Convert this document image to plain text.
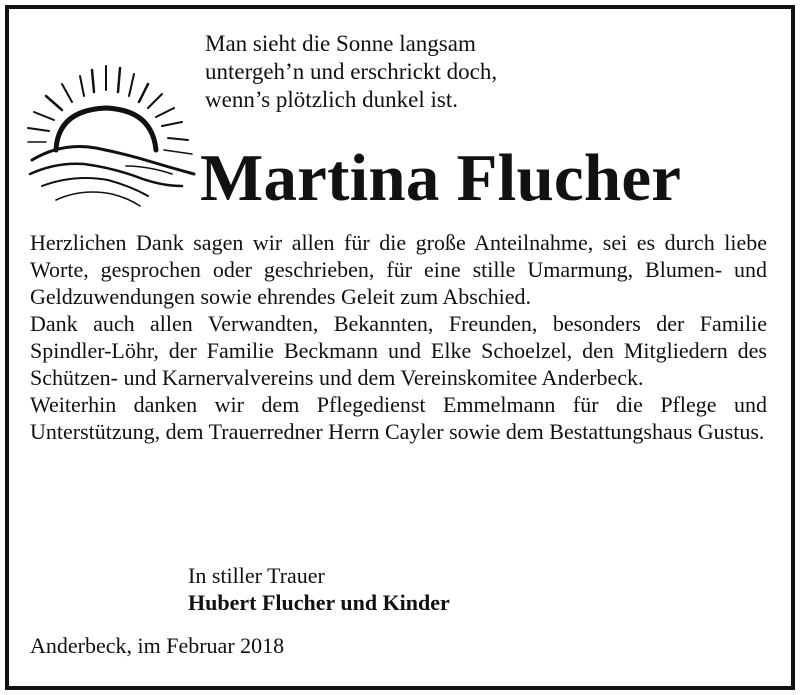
Man sieht die Sonne langsam
untergeh’n und erschrickt doch,
wenn’s plötzlich dunkel ist.

Martina Flucher

Herzlichen Dank sagen wir allen für die große Anteilnahme, sei es durch liebe Worte, gesprochen oder geschrieben, für eine stille Umarmung, Blumen- und Geldzuwendungen sowie ehrendes Geleit zum Abschied.

Dank auch allen Verwandten, Bekannten, Freunden, besonders der Familie Spindler-Löhr, der Familie Beckmann und Elke Schoelzel, den Mitgliedern des Schützen- und Karnervalvereins und dem Vereinskomitee Anderbeck.

Weiterhin danken wir dem Pflegedienst Emmelmann für die Pflege und Unterstützung, dem Trauerredner Herrn Cayler sowie dem Bestattungshaus Gustus.

In stiller Trauer
Hubert Flucher und Kinder
Anderbeck, im Februar 2018
